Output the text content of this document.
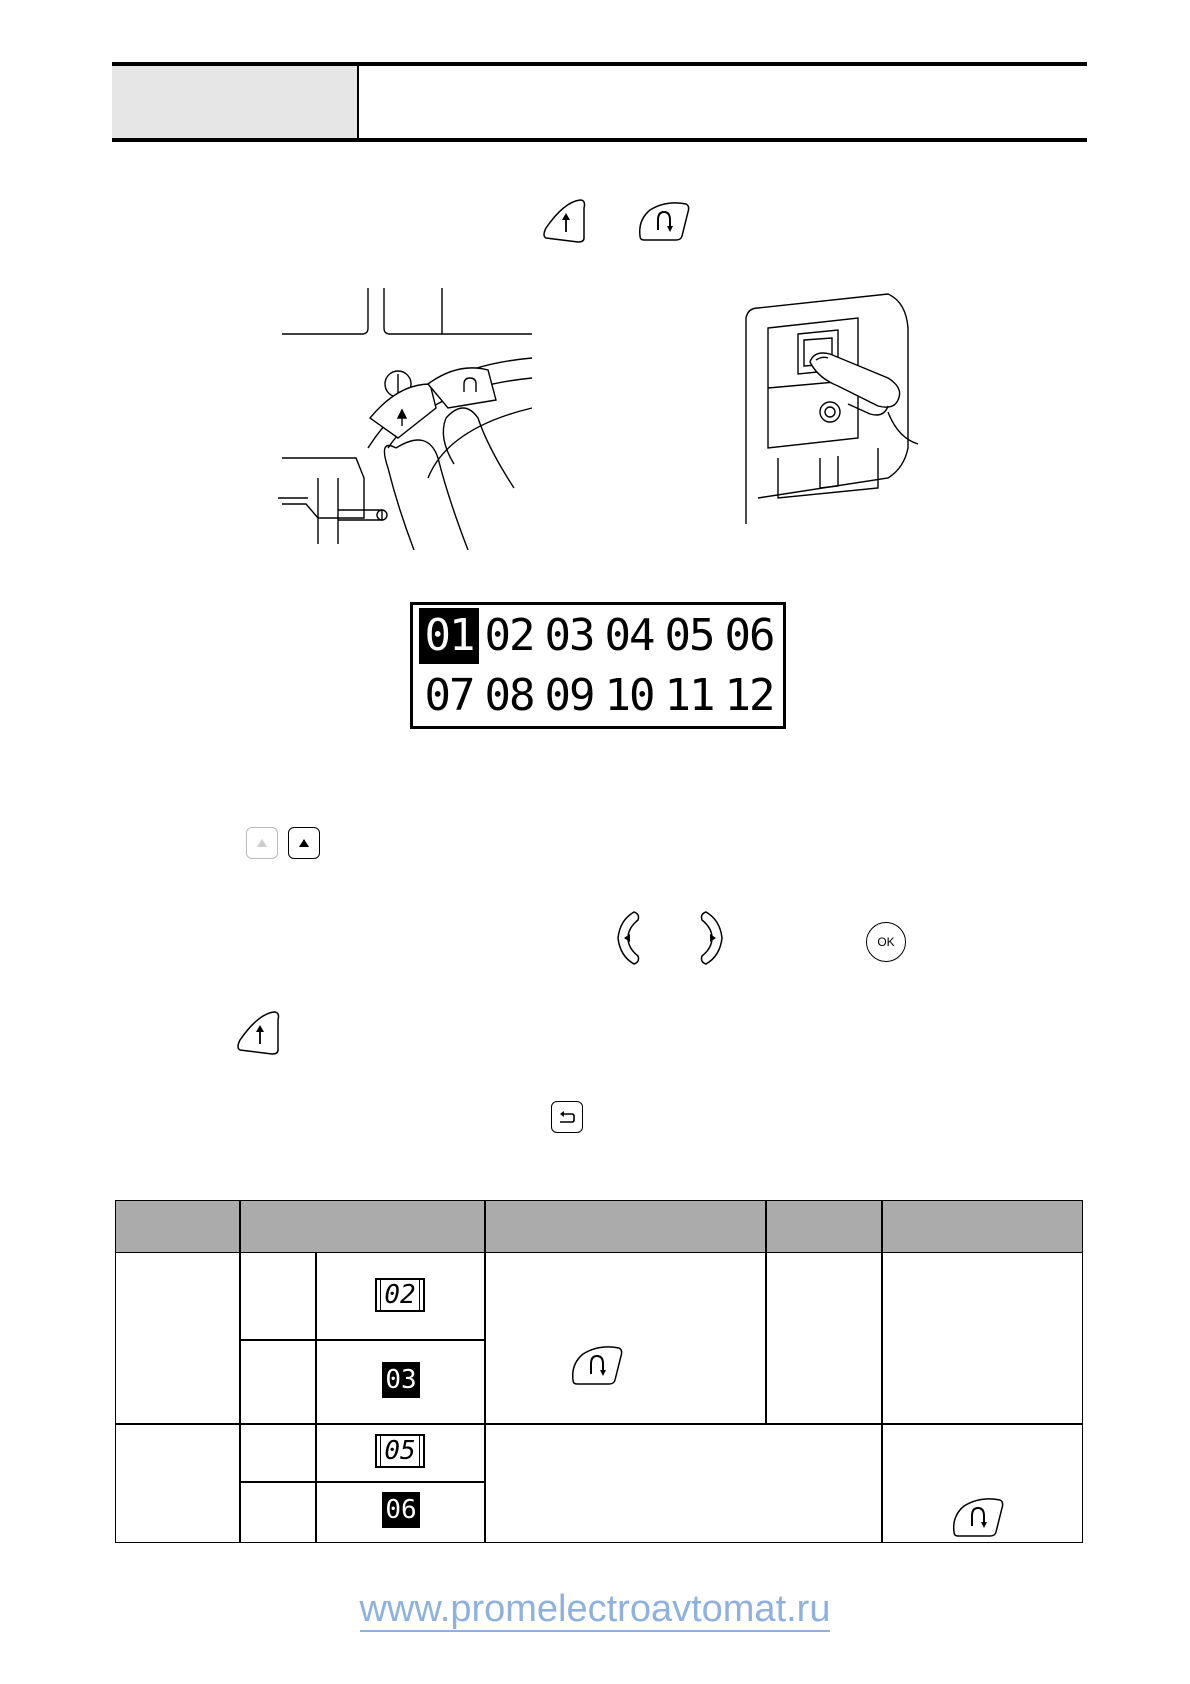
01 02 03 04 05 06
07 08 09 10 11 12
OK
02
03
05
06
www.promelectroavtomat.ru
